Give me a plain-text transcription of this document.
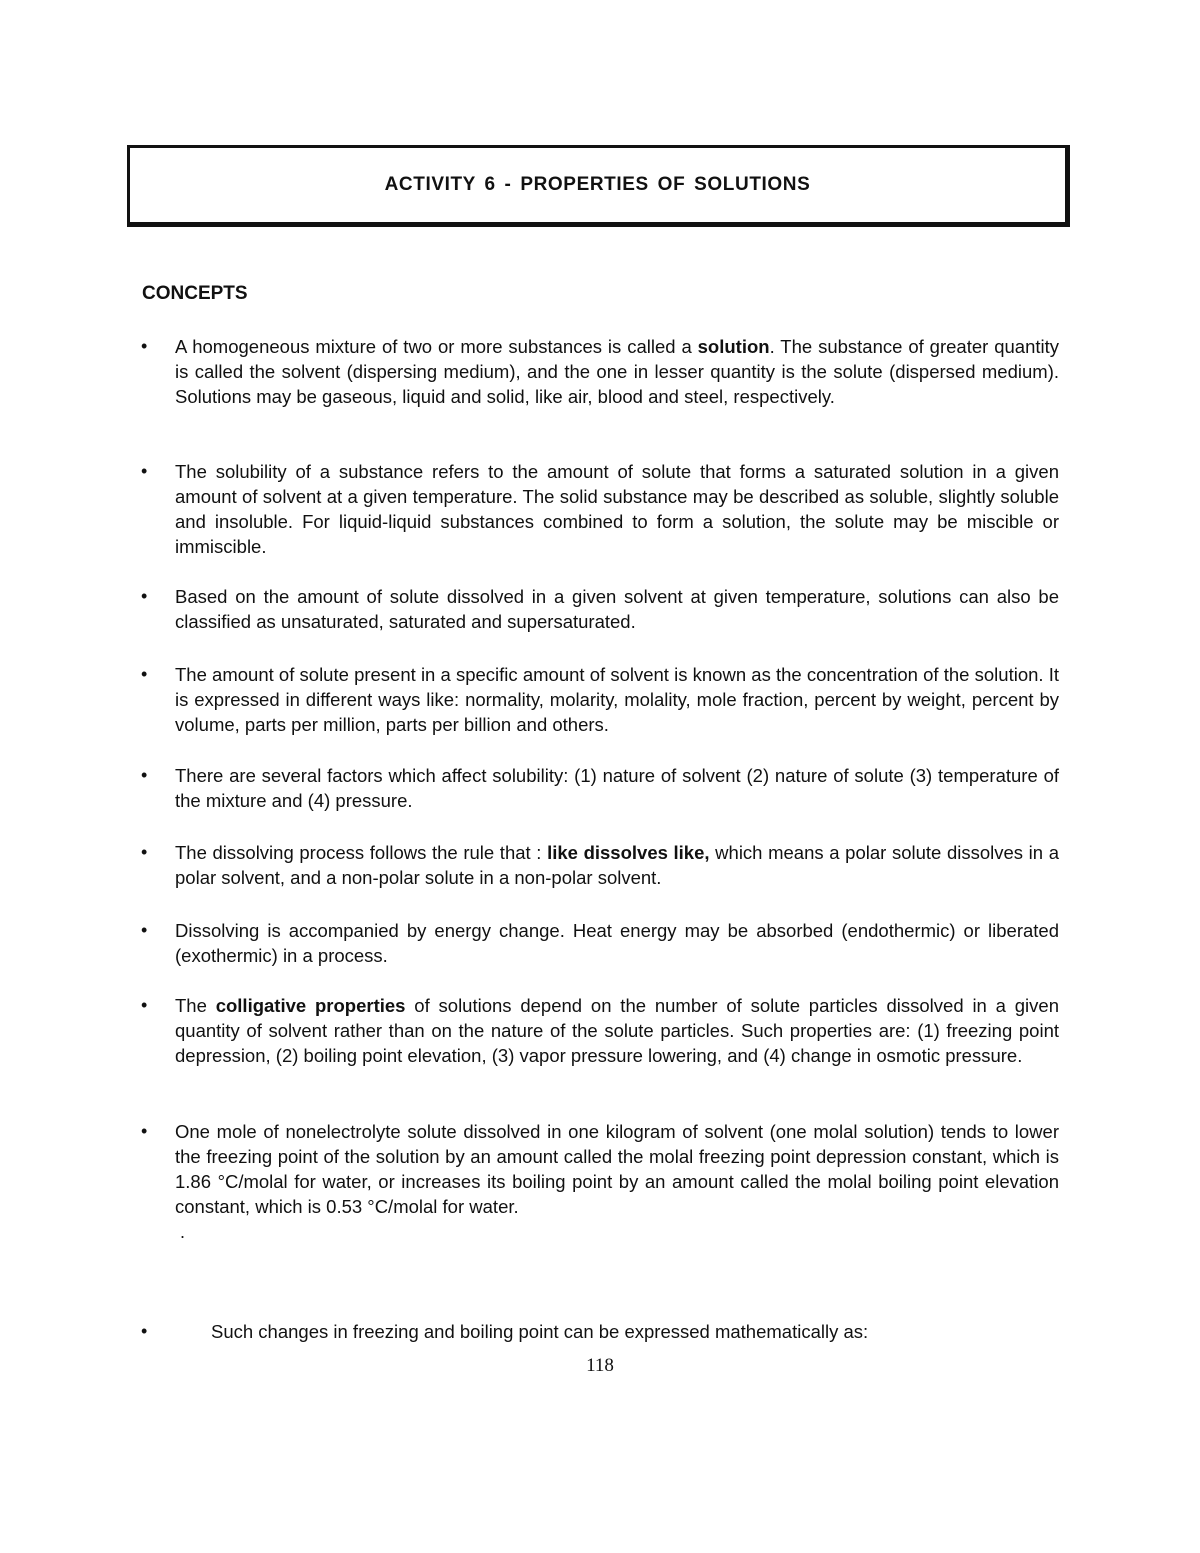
ACTIVITY 6 - PROPERTIES OF SOLUTIONS
CONCEPTS
• A homogeneous mixture of two or more substances is called a solution. The substance of greater quantity is called the solvent (dispersing medium), and the one in lesser quantity is the solute (dispersed medium). Solutions may be gaseous, liquid and solid, like air, blood and steel, respectively.
• The solubility of a substance refers to the amount of solute that forms a saturated solution in a given amount of solvent at a given temperature. The solid substance may be described as soluble, slightly soluble and insoluble. For liquid-liquid substances combined to form a solution, the solute may be miscible or immiscible.
• Based on the amount of solute dissolved in a given solvent at given temperature, solutions can also be classified as unsaturated, saturated and supersaturated.
• The amount of solute present in a specific amount of solvent is known as the concentration of the solution. It is expressed in different ways like: normality, molarity, molality, mole fraction, percent by weight, percent by volume, parts per million, parts per billion and others.
• There are several factors which affect solubility: (1) nature of solvent (2) nature of solute (3) temperature of the mixture and (4) pressure.
• The dissolving process follows the rule that : like dissolves like, which means a polar solute dissolves in a polar solvent, and a non-polar solute in a non-polar solvent.
• Dissolving is accompanied by energy change. Heat energy may be absorbed (endothermic) or liberated (exothermic) in a process.
• The colligative properties of solutions depend on the number of solute particles dissolved in a given quantity of solvent rather than on the nature of the solute particles. Such properties are: (1) freezing point depression, (2) boiling point elevation, (3) vapor pressure lowering, and (4) change in osmotic pressure.
• One mole of nonelectrolyte solute dissolved in one kilogram of solvent (one molal solution) tends to lower the freezing point of the solution by an amount called the molal freezing point depression constant, which is 1.86 °C/molal for water, or increases its boiling point by an amount called the molal boiling point elevation constant, which is 0.53 °C/molal for water.
•	Such changes in freezing and boiling point can be expressed mathematically as:
.
118
